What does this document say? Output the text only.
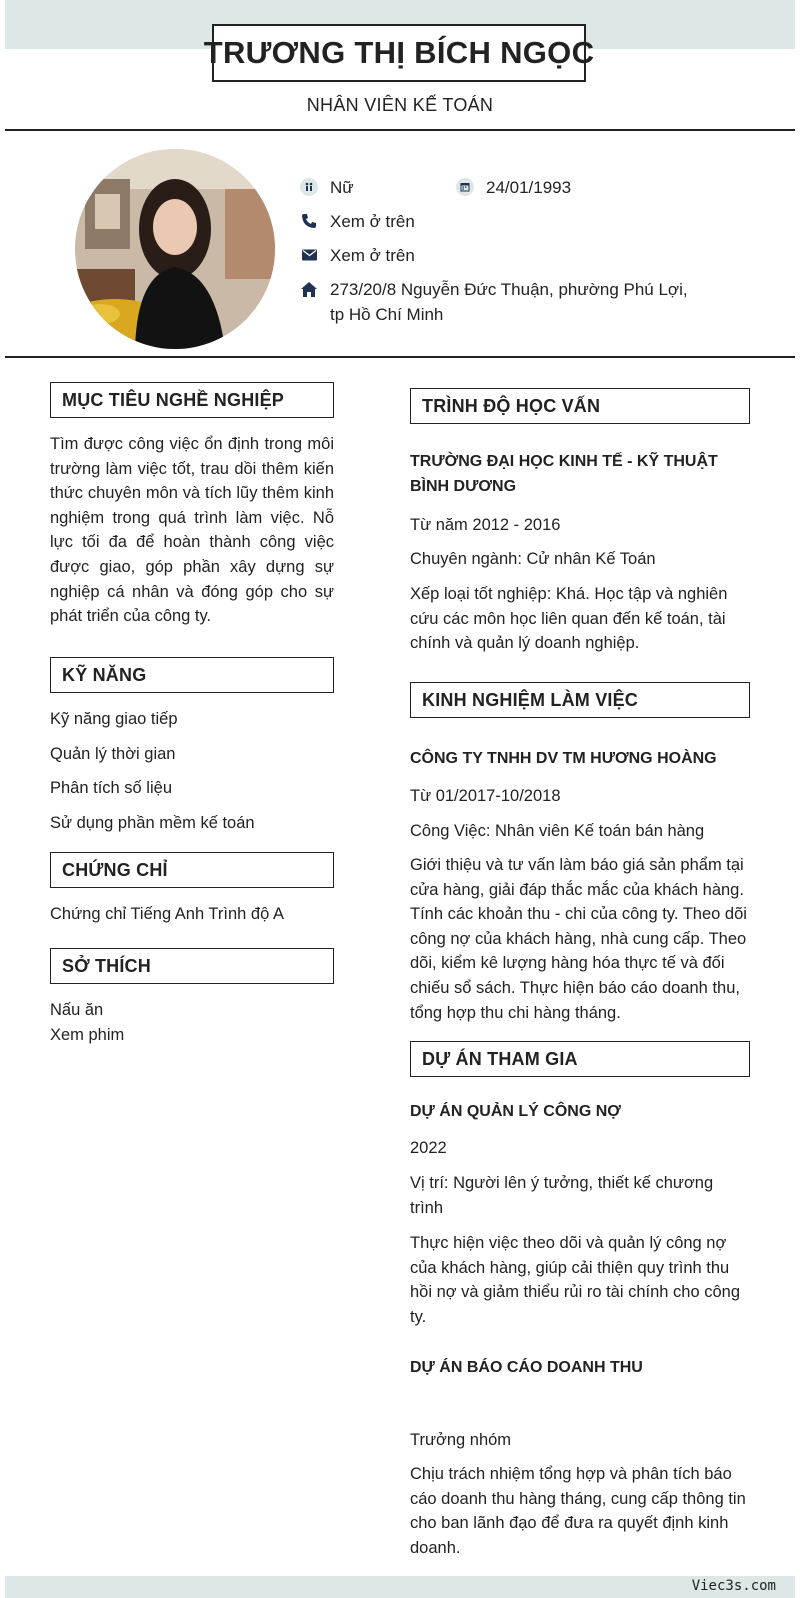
TRƯƠNG THỊ BÍCH NGỌC
NHÂN VIÊN KẾ TOÁN
Nữ	24/01/1993
Xem ở trên
Xem ở trên
273/20/8 Nguyễn Đức Thuận, phường Phú Lợi,
tp Hồ Chí Minh
MỤC TIÊU NGHỀ NGHIỆP
Tìm được công việc ổn định trong môi trường làm việc tốt, trau dồi thêm kiến thức chuyên môn và tích lũy thêm kinh nghiệm trong quá trình làm việc. Nỗ lực tối đa để hoàn thành công việc được giao, góp phần xây dựng sự nghiệp cá nhân và đóng góp cho sự phát triển của công ty.
KỸ NĂNG
Kỹ năng giao tiếp
Quản lý thời gian
Phân tích số liệu
Sử dụng phần mềm kế toán
CHỨNG CHỈ
Chứng chỉ Tiếng Anh Trình độ A
SỞ THÍCH
Nấu ăn
Xem phim
TRÌNH ĐỘ HỌC VẤN
TRƯỜNG ĐẠI HỌC KINH TẾ - KỸ THUẬT BÌNH DƯƠNG
Từ năm 2012 - 2016
Chuyên ngành: Cử nhân Kế Toán
Xếp loại tốt nghiệp: Khá. Học tập và nghiên cứu các môn học liên quan đến kế toán, tài chính và quản lý doanh nghiệp.
KINH NGHIỆM LÀM VIỆC
CÔNG TY TNHH DV TM HƯƠNG HOÀNG
Từ 01/2017-10/2018
Công Việc: Nhân viên Kế toán bán hàng
Giới thiệu và tư vấn làm báo giá sản phẩm tại cửa hàng, giải đáp thắc mắc của khách hàng. Tính các khoản thu - chi của công ty. Theo dõi công nợ của khách hàng, nhà cung cấp. Theo dõi, kiểm kê lượng hàng hóa thực tế và đối chiếu sổ sách. Thực hiện báo cáo doanh thu, tổng hợp thu chi hàng tháng.
DỰ ÁN THAM GIA
DỰ ÁN QUẢN LÝ CÔNG NỢ
2022
Vị trí: Người lên ý tưởng, thiết kế chương trình
Thực hiện việc theo dõi và quản lý công nợ của khách hàng, giúp cải thiện quy trình thu hồi nợ và giảm thiểu rủi ro tài chính cho công ty.
DỰ ÁN BÁO CÁO DOANH THU
Trưởng nhóm
Chịu trách nhiệm tổng hợp và phân tích báo cáo doanh thu hàng tháng, cung cấp thông tin cho ban lãnh đạo để đưa ra quyết định kinh doanh.
Viec3s.com
